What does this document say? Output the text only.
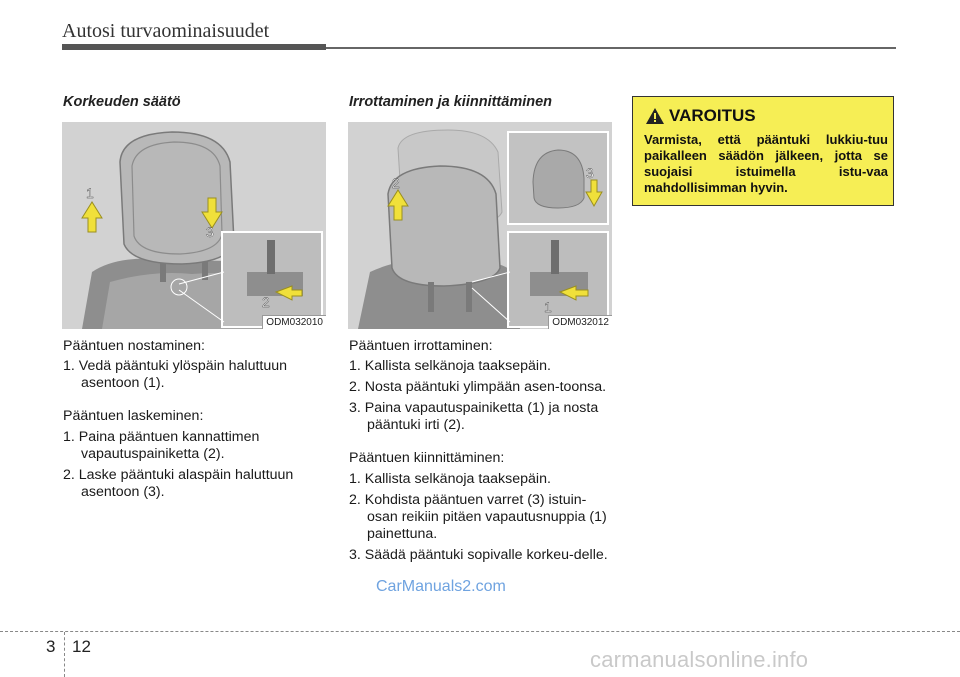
Autosi turvaominaisuudet
Korkeuden säätö
1
2
3
ODM032010

Pääntuen nostaminen:

1. Vedä pääntuki ylöspäin haluttuun asentoon (1).

Pääntuen laskeminen:

1. Paina pääntuen kannattimen vapautuspainiketta (2).

2. Laske pääntuki alaspäin haluttuun asentoon (3).

Irrottaminen ja kiinnittäminen
1
2
3
ODM032012

Pääntuen irrottaminen:

1. Kallista selkänoja taaksepäin.

2. Nosta pääntuki ylimpään asen-toonsa.

3. Paina vapautuspainiketta (1) ja nosta pääntuki irti (2).

Pääntuen kiinnittäminen:

1. Kallista selkänoja taaksepäin.

2. Kohdista pääntuen varret (3) istuin-osan reikiin pitäen vapautusnuppia (1) painettuna.

3. Säädä pääntuki sopivalle korkeu-delle.

VAROITUS
Varmista, että pääntuki lukkiu-tuu paikalleen säädön jälkeen, jotta se suojaisi istuimella istu-vaa mahdollisimman hyvin.
3 12
CarManuals2.com
carmanualsonline.info
